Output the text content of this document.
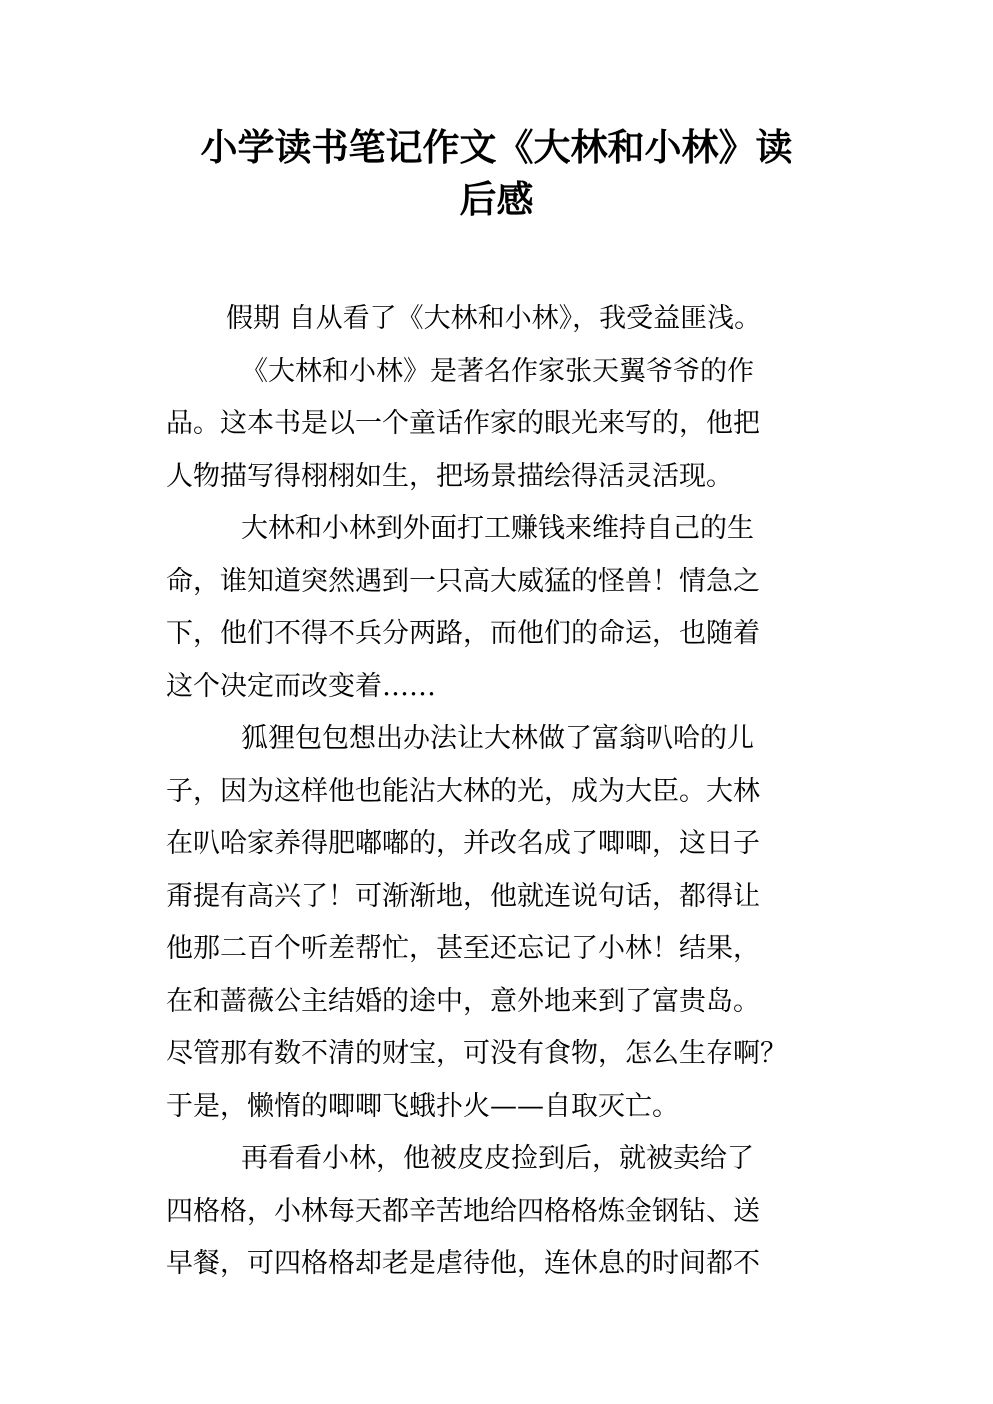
小学读书笔记作文《大林和小林》读
后感
假期 自从看了《大林和小林》，我受益匪浅。
《大林和小林》是著名作家张天翼爷爷的作
品。这本书是以一个童话作家的眼光来写的，他把
人物描写得栩栩如生，把场景描绘得活灵活现。
大林和小林到外面打工赚钱来维持自己的生
命，谁知道突然遇到一只高大威猛的怪兽！情急之
下，他们不得不兵分两路，而他们的命运，也随着
这个决定而改变着……
狐狸包包想出办法让大林做了富翁叭哈的儿
子，因为这样他也能沾大林的光，成为大臣。大林
在叭哈家养得肥嘟嘟的，并改名成了唧唧，这日子
甭提有高兴了！可渐渐地，他就连说句话，都得让
他那二百个听差帮忙，甚至还忘记了小林！结果，
在和蔷薇公主结婚的途中，意外地来到了富贵岛。
尽管那有数不清的财宝，可没有食物，怎么生存啊？
于是，懒惰的唧唧飞蛾扑火——自取灭亡。
再看看小林，他被皮皮捡到后，就被卖给了
四格格，小林每天都辛苦地给四格格炼金钢钻、送
早餐，可四格格却老是虐待他，连休息的时间都不
